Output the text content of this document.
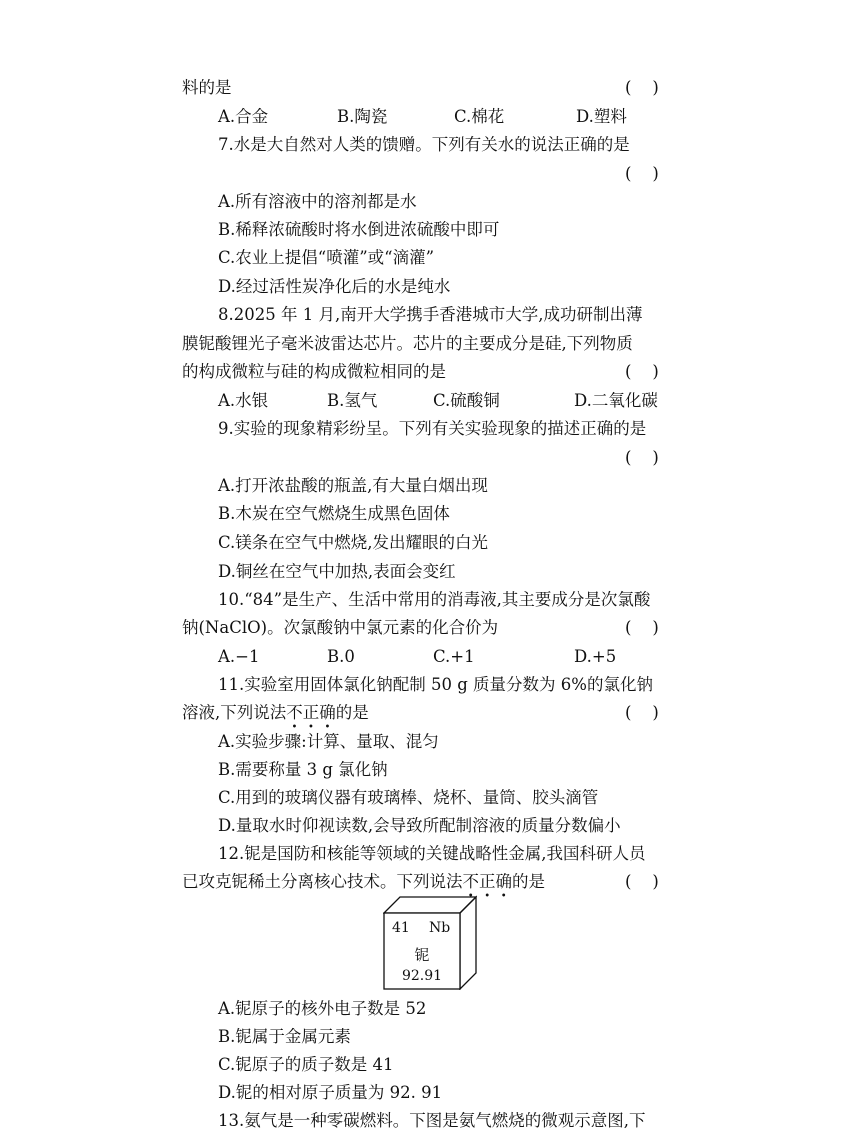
料的是	(    )
A.合金	B.陶瓷	C.棉花	D.塑料
7.水是大自然对人类的馈赠。下列有关水的说法正确的是
(    )
A.所有溶液中的溶剂都是水
B.稀释浓硫酸时将水倒进浓硫酸中即可
C.农业上提倡“喷灌”或“滴灌”
D.经过活性炭净化后的水是纯水
8.2025 年 1 月,南开大学携手香港城市大学,成功研制出薄
膜铌酸锂光子毫米波雷达芯片。芯片的主要成分是硅,下列物质
的构成微粒与硅的构成微粒相同的是	(    )
A.水银	B.氢气	C.硫酸铜	D.二氧化碳
9.实验的现象精彩纷呈。下列有关实验现象的描述正确的是
(    )
A.打开浓盐酸的瓶盖,有大量白烟出现
B.木炭在空气燃烧生成黑色固体
C.镁条在空气中燃烧,发出耀眼的白光
D.铜丝在空气中加热,表面会变红
10.“84”是生产、生活中常用的消毒液,其主要成分是次氯酸
钠(NaClO)。次氯酸钠中氯元素的化合价为	(    )
A.−1	B.0	C.+1	D.+5
11.实验室用固体氯化钠配制 50 g 质量分数为 6%的氯化钠
溶液,下列说法不正确的是	(    )
A.实验步骤:计算、量取、混匀
B.需要称量 3 g 氯化钠
C.用到的玻璃仪器有玻璃棒、烧杯、量筒、胶头滴管
D.量取水时仰视读数,会导致所配制溶液的质量分数偏小
12.铌是国防和核能等领域的关键战略性金属,我国科研人员
已攻克铌稀土分离核心技术。下列说法不正确的是	(    )
41 Nb
铌
92.91
A.铌原子的核外电子数是 52
B.铌属于金属元素
C.铌原子的质子数是 41
D.铌的相对原子质量为 92. 91
13.氨气是一种零碳燃料。下图是氨气燃烧的微观示意图,下
